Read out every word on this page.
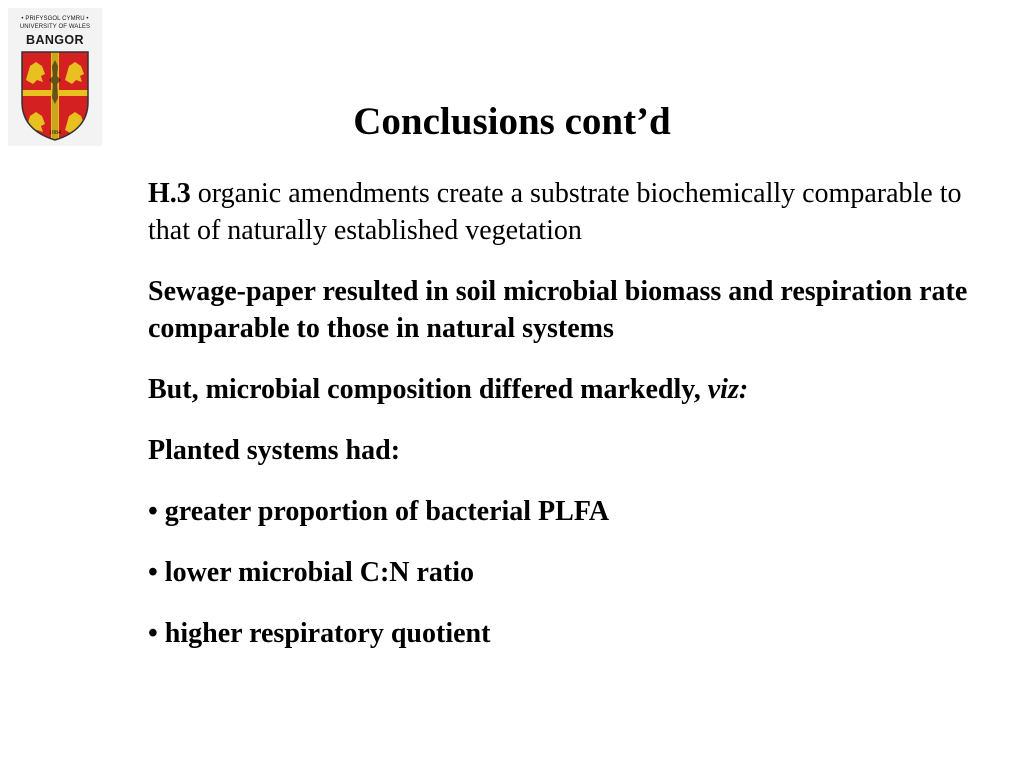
• PRIFYSGOL CYMRU •
UNIVERSITY OF WALES
BANGOR
1884	Conclusions cont’d

H.3 organic amendments create a substrate biochemically comparable to that of naturally established vegetation

Sewage-paper resulted in soil microbial biomass and respiration rate comparable to those in natural systems

But, microbial composition differed markedly, viz:

Planted systems had:

• greater proportion of bacterial PLFA

• lower microbial C:N ratio

• higher respiratory quotient
